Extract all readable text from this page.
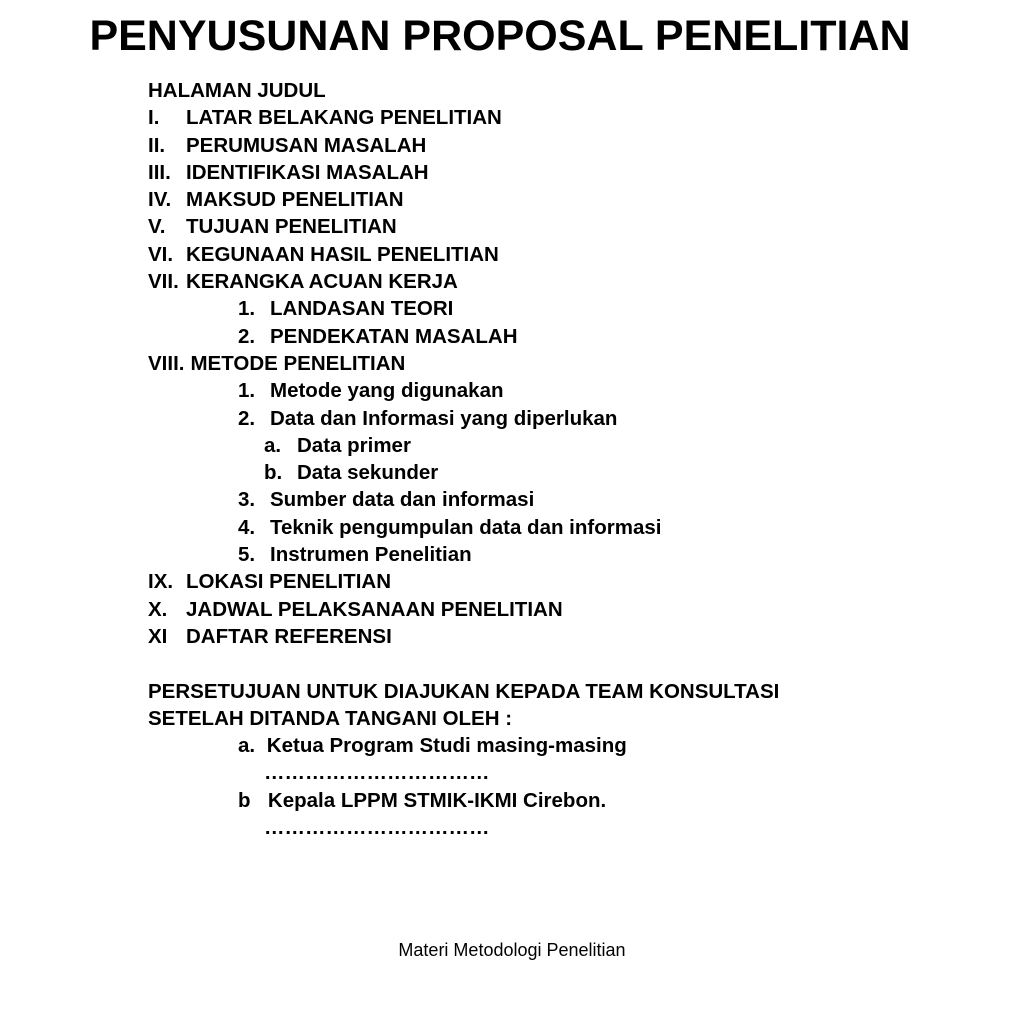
PENYUSUNAN PROPOSAL PENELITIAN
HALAMAN JUDUL
I.	LATAR BELAKANG PENELITIAN
II.	PERUMUSAN MASALAH
III. IDENTIFIKASI MASALAH
IV. MAKSUD PENELITIAN
V.	TUJUAN PENELITIAN
VI. KEGUNAAN HASIL PENELITIAN
VII. KERANGKA ACUAN KERJA
1. LANDASAN TEORI
2. PENDEKATAN MASALAH
VIII. METODE PENELITIAN
1. Metode yang digunakan
2. Data dan Informasi yang diperlukan
a. Data primer
b. Data sekunder
3. Sumber data dan informasi
4. Teknik pengumpulan data dan informasi
5. Instrumen Penelitian
IX. LOKASI PENELITIAN
X. JADWAL PELAKSANAAN PENELITIAN
XI DAFTAR REFERENSI
PERSETUJUAN UNTUK DIAJUKAN KEPADA TEAM KONSULTASI
SETELAH DITANDA TANGANI OLEH :
a. Ketua Program Studi masing-masing
……………………………
b Kepala LPPM STMIK-IKMI Cirebon.
……………………………
Materi Metodologi Penelitian
